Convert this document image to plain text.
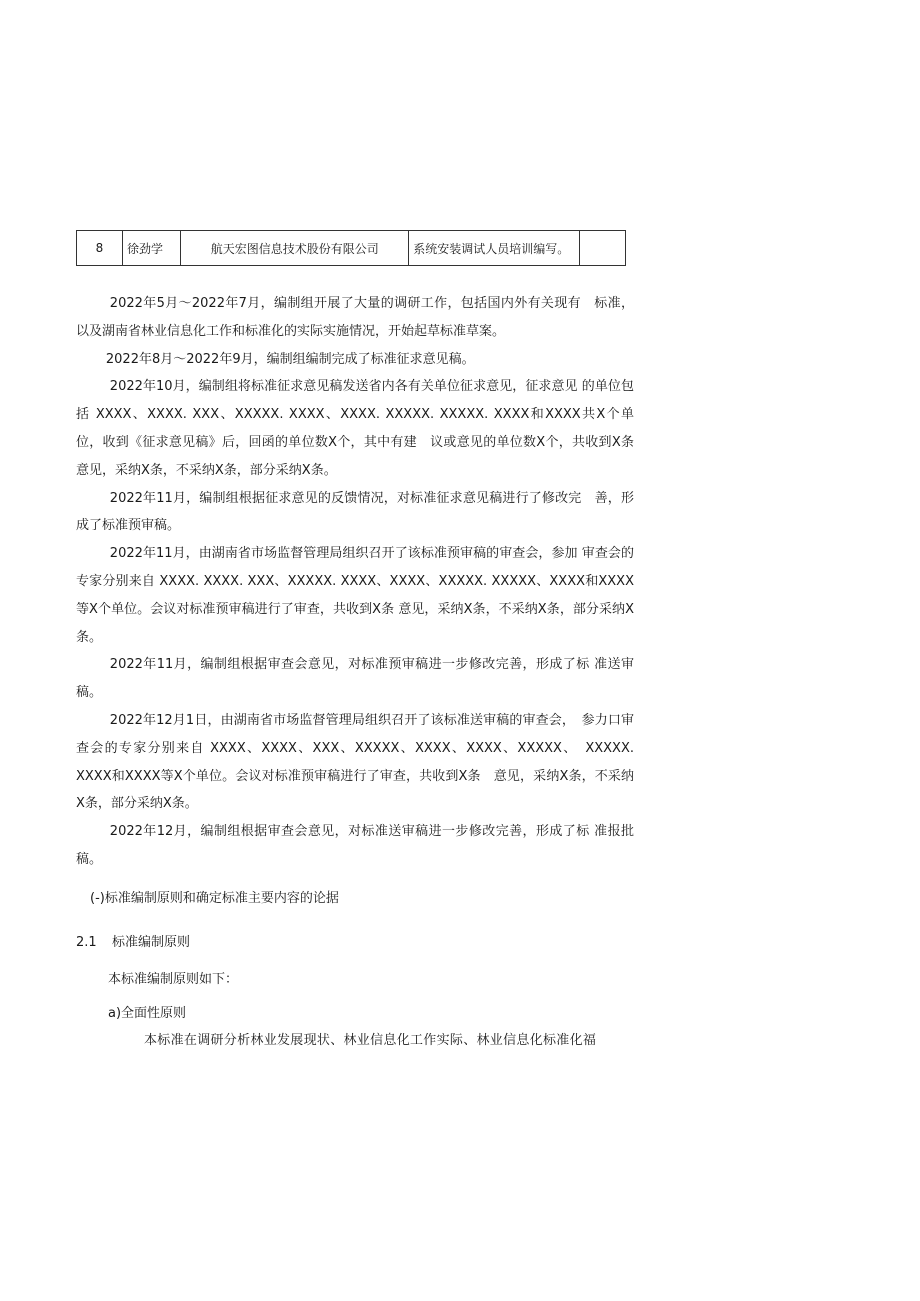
8	徐劲学	航天宏图信息技术股份有限公司	系统安装调试人员培训编写。	

2022年5月～2022年7月，编制组开展了大量的调研工作，包括国内外有关现有　标准，以及湖南省林业信息化工作和标准化的实际实施情况，开始起草标准草案。

2022年8月～2022年9月，编制组编制完成了标准征求意见稿。

2022年10月，编制组将标准征求意见稿发送省内各有关单位征求意见，征求意见 的单位包括 XXXX、XXXX. XXX、XXXXX. XXXX、XXXX. XXXXX. XXXXX. XXXX和XXXX共X个单位，收到《征求意见稿》后，回函的单位数X个，其中有建　议或意见的单位数X个，共收到X条意见，采纳X条，不采纳X条，部分采纳X条。

2022年11月，编制组根据征求意见的反馈情况，对标准征求意见稿进行了修改完　善，形成了标准预审稿。

2022年11月，由湖南省市场监督管理局组织召开了该标准预审稿的审查会，参加 审查会的专家分别来自 XXXX. XXXX. XXX、XXXXX. XXXX、XXXX、XXXXX. XXXXX、XXXX和XXXX等X个单位。会议对标准预审稿进行了审查，共收到X条 意见，采纳X条，不采纳X条，部分采纳X条。

2022年11月，编制组根据审查会意见，对标准预审稿进一步修改完善，形成了标 准送审稿。

2022年12月1日，由湖南省市场监督管理局组织召开了该标准送审稿的审查会，　参力口审查会的专家分别来自 XXXX、XXXX、XXX、XXXXX、XXXX、XXXX、XXXXX、　XXXXX. XXXX和XXXX等X个单位。会议对标准预审稿进行了审查，共收到X条　意见，采纳X条，不采纳X条，部分采纳X条。

2022年12月，编制组根据审查会意见，对标准送审稿进一步修改完善，形成了标 准报批稿。

(-)标准编制原则和确定标准主要内容的论据
2.1 标准编制原则
本标准编制原则如下：
a)全面性原则
本标准在调研分析林业发展现状、林业信息化工作实际、林业信息化标准化福
